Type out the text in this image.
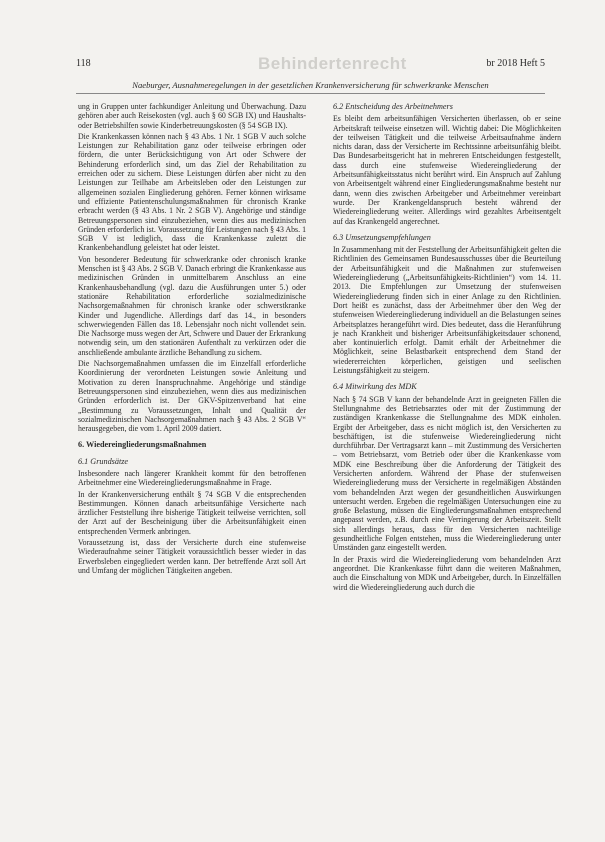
118	Behindertenrecht	br 2018 Heft 5
Naeburger, Ausnahmeregelungen in der gesetzlichen Krankenversicherung für schwerkranke Menschen

ung in Gruppen unter fachkundiger Anleitung und Überwachung. Dazu gehören aber auch Reisekosten (vgl. auch § 60 SGB IX) und Haushalts- oder Betriebshilfen sowie Kinderbetreuungskosten (§ 54 SGB IX).

Die Krankenkassen können nach § 43 Abs. 1 Nr. 1 SGB V auch solche Leistungen zur Rehabilitation ganz oder teilweise erbringen oder fördern, die unter Berücksichtigung von Art oder Schwere der Behinderung erforderlich sind, um das Ziel der Rehabilitation zu erreichen oder zu sichern. Diese Leistungen dürfen aber nicht zu den Leistungen zur Teilhabe am Arbeitsleben oder den Leistungen zur allgemeinen sozialen Eingliederung gehören. Ferner können wirksame und effiziente Patientenschulungsmaßnahmen für chronisch Kranke erbracht werden (§ 43 Abs. 1 Nr. 2 SGB V). Angehörige und ständige Betreuungspersonen sind einzubeziehen, wenn dies aus medizinischen Gründen erforderlich ist. Voraussetzung für Leistungen nach § 43 Abs. 1 SGB V ist lediglich, dass die Krankenkasse zuletzt die Krankenbehandlung geleistet hat oder leistet.

Von besonderer Bedeutung für schwerkranke oder chronisch kranke Menschen ist § 43 Abs. 2 SGB V. Danach erbringt die Krankenkasse aus medizinischen Gründen in unmittelbarem Anschluss an eine Krankenhausbehandlung (vgl. dazu die Ausführungen unter 5.) oder stationäre Rehabilitation erforderliche sozialmedizinische Nachsorgemaßnahmen für chronisch kranke oder schwerstkranke Kinder und Jugendliche. Allerdings darf das 14., in besonders schwerwiegenden Fällen das 18. Lebensjahr noch nicht vollendet sein. Die Nachsorge muss wegen der Art, Schwere und Dauer der Erkrankung notwendig sein, um den stationären Aufenthalt zu verkürzen oder die anschließende ambulante ärztliche Behandlung zu sichern.

Die Nachsorgemaßnahmen umfassen die im Einzelfall erforderliche Koordinierung der verordneten Leistungen sowie Anleitung und Motivation zu deren Inanspruchnahme. Angehörige und ständige Betreuungspersonen sind einzubeziehen, wenn dies aus medizinischen Gründen erforderlich ist. Der GKV-Spitzenverband hat eine „Bestimmung zu Voraussetzungen, Inhalt und Qualität der sozialmedizinischen Nachsorgemaßnahmen nach § 43 Abs. 2 SGB V“ herausgegeben, die vom 1. April 2009 datiert.

6. Wiedereingliederungsmaßnahmen
6.1 Grundsätze

Insbesondere nach längerer Krankheit kommt für den betroffenen Arbeitnehmer eine Wiedereingliederungsmaßnahme in Frage.

In der Krankenversicherung enthält § 74 SGB V die entsprechenden Bestimmungen. Können danach arbeitsunfähige Versicherte nach ärztlicher Feststellung ihre bisherige Tätigkeit teilweise verrichten, soll der Arzt auf der Bescheinigung über die Arbeitsunfähigkeit einen entsprechenden Vermerk anbringen.

Voraussetzung ist, dass der Versicherte durch eine stufenweise Wiederaufnahme seiner Tätigkeit voraussichtlich besser wieder in das Erwerbsleben eingegliedert werden kann. Der betreffende Arzt soll Art und Umfang der möglichen Tätigkeiten angeben.

6.2 Entscheidung des Arbeitnehmers

Es bleibt dem arbeitsunfähigen Versicherten überlassen, ob er seine Arbeitskraft teilweise einsetzen will. Wichtig dabei: Die Möglichkeiten der teilweisen Tätigkeit und die teilweise Arbeitsaufnahme ändern nichts daran, dass der Versicherte im Rechtssinne arbeitsunfähig bleibt. Das Bundesarbeitsgericht hat in mehreren Entscheidungen festgestellt, dass durch eine stufenweise Wiedereingliederung der Arbeitsunfähigkeitsstatus nicht berührt wird. Ein Anspruch auf Zahlung von Arbeitsentgelt während einer Eingliederungsmaßnahme besteht nur dann, wenn dies zwischen Arbeitgeber und Arbeitnehmer vereinbart wurde. Der Krankengeldanspruch besteht während der Wiedereingliederung weiter. Allerdings wird gezahltes Arbeitsentgelt auf das Krankengeld angerechnet.

6.3 Umsetzungsempfehlungen

In Zusammenhang mit der Feststellung der Arbeitsunfähigkeit gelten die Richtlinien des Gemeinsamen Bundesausschusses über die Beurteilung der Arbeitsunfähigkeit und die Maßnahmen zur stufenweisen Wiedereingliederung („Arbeitsunfähigkeits-Richtlinien“) vom 14. 11. 2013. Die Empfehlungen zur Umsetzung der stufenweisen Wiedereingliederung finden sich in einer Anlage zu den Richtlinien. Dort heißt es zunächst, dass der Arbeitnehmer über den Weg der stufenweisen Wiedereingliederung individuell an die Belastungen seines Arbeitsplatzes herangeführt wird. Dies bedeutet, dass die Heranführung je nach Krankheit und bisheriger Arbeitsunfähigkeitsdauer schonend, aber kontinuierlich erfolgt. Damit erhält der Arbeitnehmer die Möglichkeit, seine Belastbarkeit entsprechend dem Stand der wiedererreichten körperlichen, geistigen und seelischen Leistungsfähigkeit zu steigern.

6.4 Mitwirkung des MDK

Nach § 74 SGB V kann der behandelnde Arzt in geeigneten Fällen die Stellungnahme des Betriebsarztes oder mit der Zustimmung der zuständigen Krankenkasse die Stellungnahme des MDK einholen. Ergibt der Arbeitgeber, dass es nicht möglich ist, den Versicherten zu beschäftigen, ist die stufenweise Wiedereingliederung nicht durchführbar. Der Vertragsarzt kann – mit Zustimmung des Versicherten – vom Betriebsarzt, vom Betrieb oder über die Krankenkasse vom MDK eine Beschreibung über die Anforderung der Tätigkeit des Versicherten anfordern. Während der Phase der stufenweisen Wiedereingliederung muss der Versicherte in regelmäßigen Abständen vom behandelnden Arzt wegen der gesundheitlichen Auswirkungen untersucht werden. Ergeben die regelmäßigen Untersuchungen eine zu große Belastung, müssen die Eingliederungsmaßnahmen entsprechend angepasst werden, z.B. durch eine Verringerung der Arbeitszeit. Stellt sich allerdings heraus, dass für den Versicherten nachteilige gesundheitliche Folgen entstehen, muss die Wiedereingliederung unter Umständen ganz eingestellt werden.

In der Praxis wird die Wiedereingliederung vom behandelnden Arzt angeordnet. Die Krankenkasse führt dann die weiteren Maßnahmen, auch die Einschaltung von MDK und Arbeitgeber, durch. In Einzelfällen wird die Wiedereingliederung auch durch die
